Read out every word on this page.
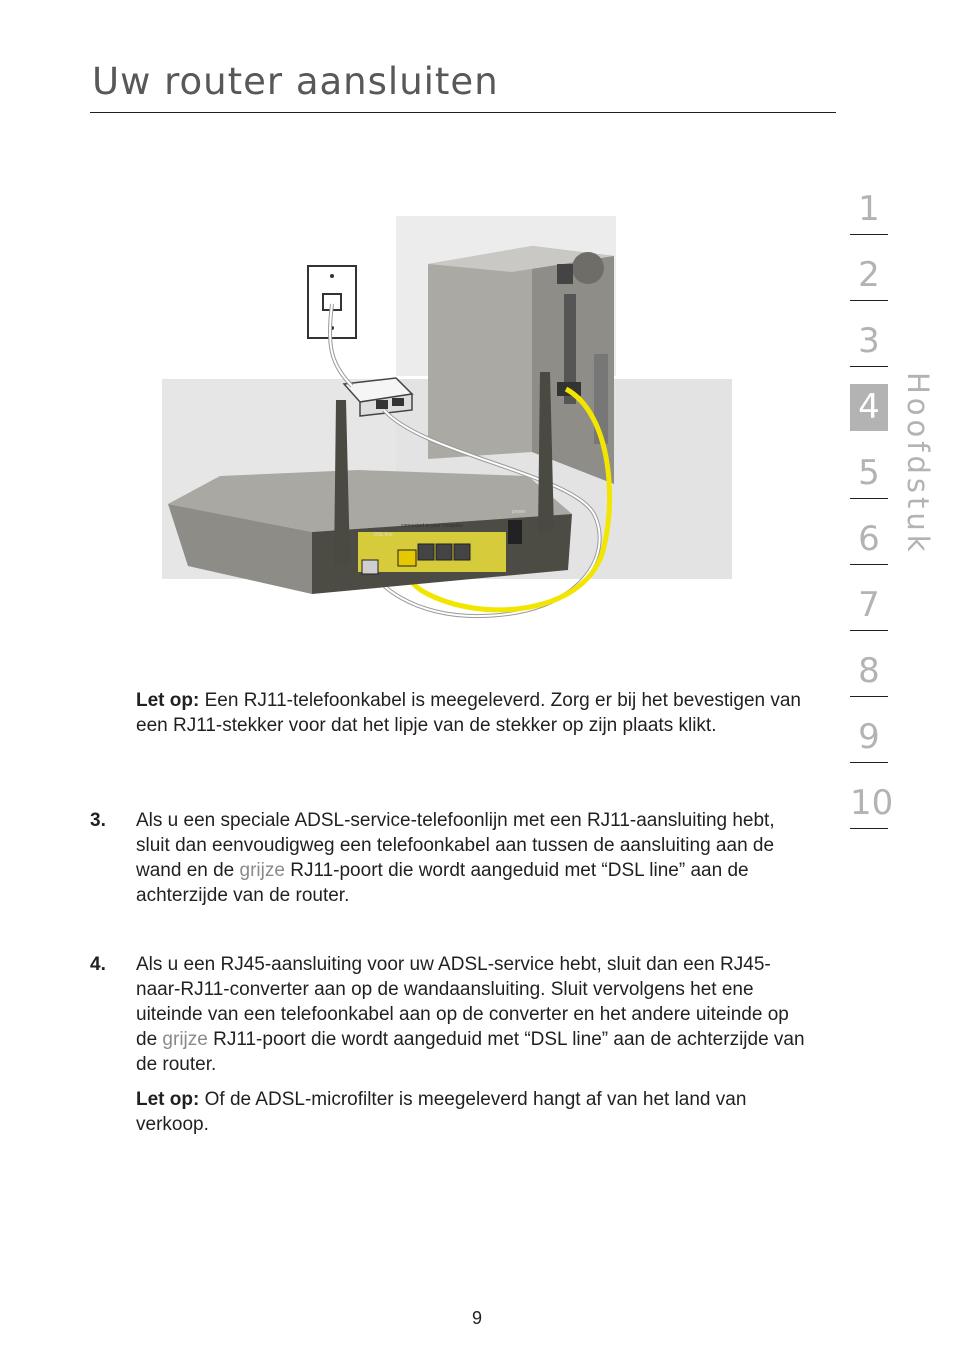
Uw router aansluiten
connected to your computer
DSL line
power
1
2
3
4
5
6
7
8
9
10
Hoofdstuk

Let op: Een RJ11-telefoonkabel is meegeleverd. Zorg er bij het bevestigen van een RJ11-stekker voor dat het lipje van de stekker op zijn plaats klikt.

3. Als u een speciale ADSL-service-telefoonlijn met een RJ11-aansluiting hebt, sluit dan eenvoudigweg een telefoonkabel aan tussen de aansluiting aan de wand en de grijze RJ11-poort die wordt aangeduid met “DSL line” aan de achterzijde van de router.

4. Als u een RJ45-aansluiting voor uw ADSL-service hebt, sluit dan een RJ45-naar-RJ11-converter aan op de wandaansluiting. Sluit vervolgens het ene uiteinde van een telefoonkabel aan op de converter en het andere uiteinde op de grijze RJ11-poort die wordt aangeduid met “DSL line” aan de achterzijde van de router.

Let op: Of de ADSL-microfilter is meegeleverd hangt af van het land van verkoop.

9
